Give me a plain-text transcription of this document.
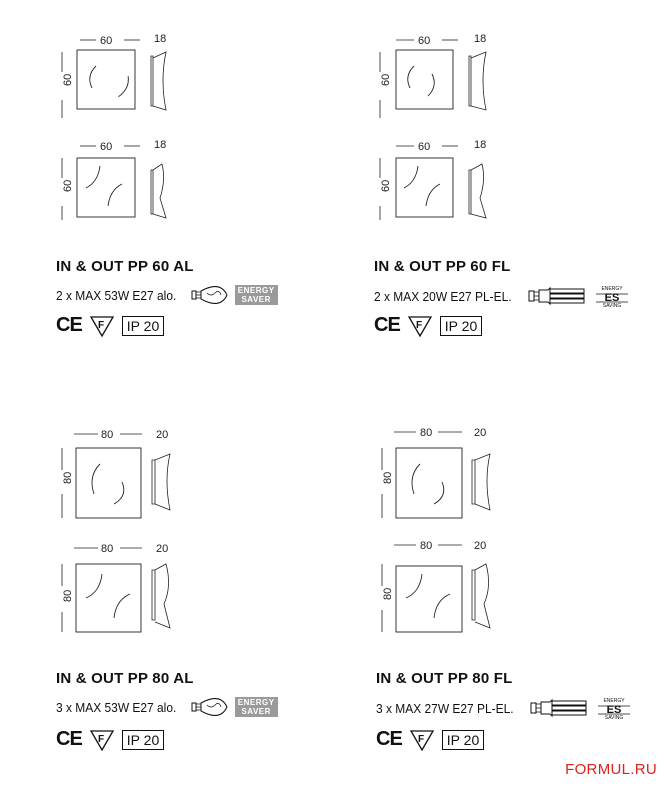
60	18
60
60	18
60
IN & OUT PP 60 AL
2 x MAX 53W E27 alo.	ENERGY
SAVER
CE F	IP 20
60	18
60
60	18
60
IN & OUT PP 60 FL
2 x MAX 20W E27 PL-EL.	ENERGY
ES
SAVING
CE F	IP 20
80	20
80
80	20
80
IN & OUT PP 80 AL
3 x MAX 53W E27 alo.	ENERGY
SAVER
CE F	IP 20
80	20
80
80	20
80
IN & OUT PP 80 FL
3 x MAX 27W E27 PL-EL.	ENERGY
ES
SAVING
CE F	IP 20
FORMUL.RU
